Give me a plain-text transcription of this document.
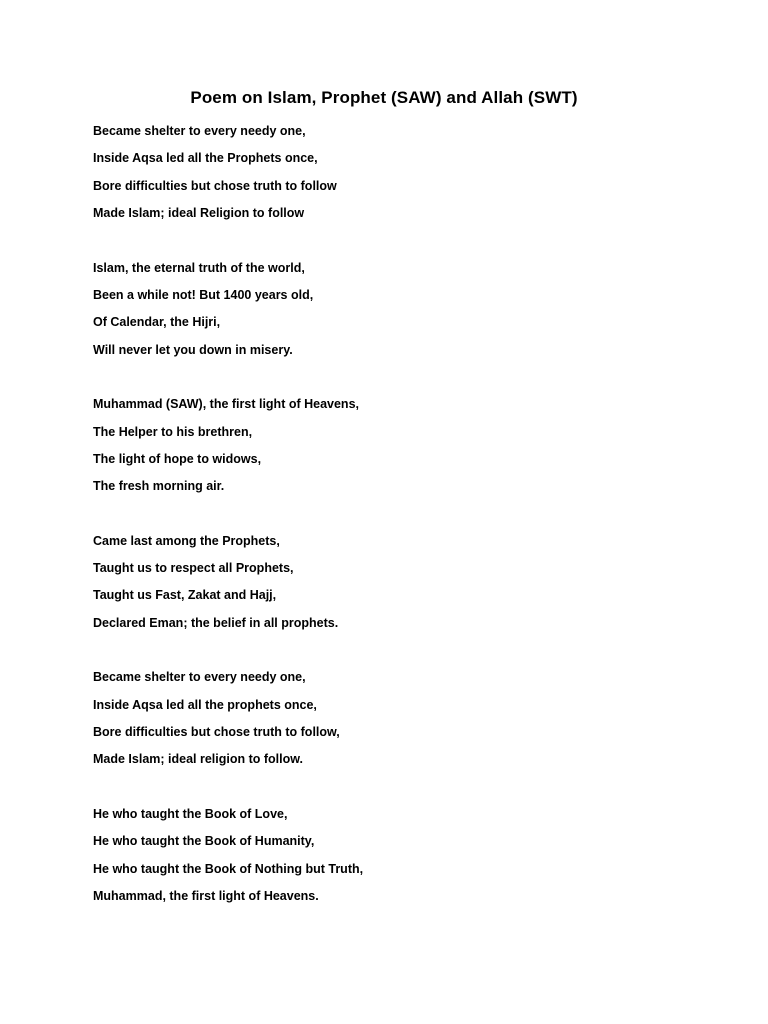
Poem on Islam, Prophet (SAW) and Allah (SWT)
Became shelter to every needy one,
Inside Aqsa led all the Prophets once,
Bore difficulties but chose truth to follow
Made Islam; ideal Religion to follow
Islam, the eternal truth of the world,
Been a while not! But 1400 years old,
Of Calendar, the Hijri,
Will never let you down in misery.
Muhammad (SAW), the first light of Heavens,
The Helper to his brethren,
The light of hope to widows,
The fresh morning air.
Came last among the Prophets,
Taught us to respect all Prophets,
Taught us Fast, Zakat and Hajj,
Declared Eman; the belief in all prophets.
Became shelter to every needy one,
Inside Aqsa led all the prophets once,
Bore difficulties but chose truth to follow,
Made Islam; ideal religion to follow.
He who taught the Book of Love,
He who taught the Book of Humanity,
He who taught the Book of Nothing but Truth,
Muhammad, the first light of Heavens.
